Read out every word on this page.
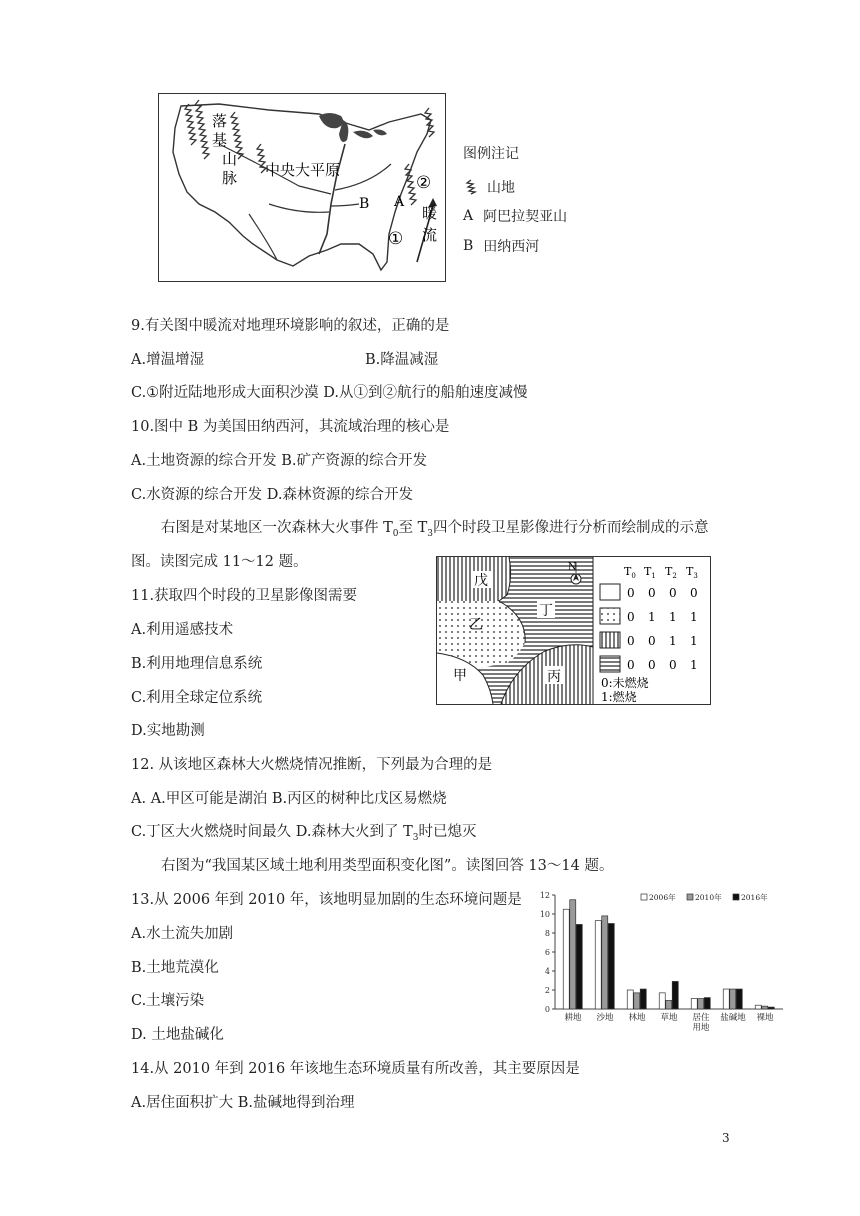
落
基
山
脉 中央大平原
B A
②
①
暖
流
图例注记
山地
A 阿巴拉契亚山
B 田纳西河
9.有关图中暖流对地理环境影响的叙述，正确的是
A.增温增湿	B.降温减湿
C.①附近陆地形成大面积沙漠 D.从①到②航行的船舶速度减慢
10.图中 B 为美国田纳西河，其流域治理的核心是
A.土地资源的综合开发 B.矿产资源的综合开发
C.水资源的综合开发 D.森林资源的综合开发
右图是对某地区一次森林大火事件 $T_0$至 $T_3$四个时段卫星影像进行分析而绘制成的示意
图。读图完成 11～12 题。
11.获取四个时段的卫星影像图需要
A.利用遥感技术
B.利用地理信息系统
C.利用全球定位系统
D.实地勘测
戊
丁
乙
甲	丙
N	$T_0$ $T_1$ $T_2$ $T_3$
0 0 0 0
0 1 1 1
0 0 1 1
0 0 0 1
0:未燃烧
1:燃烧
12. 从该地区森林大火燃烧情况推断，下列最为合理的是
A. A.甲区可能是湖泊 B.丙区的树种比戊区易燃烧
C.丁区大火燃烧时间最久 D.森林大火到了 $T_3$时已熄灭
右图为“我国某区域土地利用类型面积变化图”。读图回答 13～14 题。
13.从 2006 年到 2010 年，该地明显加剧的生态环境问题是
A.水土流失加剧
B.土地荒漠化
C.土壤污染
D. 土地盐碱化
14.从 2010 年到 2016 年该地生态环境质量有所改善，其主要原因是
A.居住面积扩大 B.盐碱地得到治理
0
2
4
6
8
10
12
耕地 沙地 林地 草地 居住
用地
盐碱地 裸地
2006年	2010年	2016年
3
